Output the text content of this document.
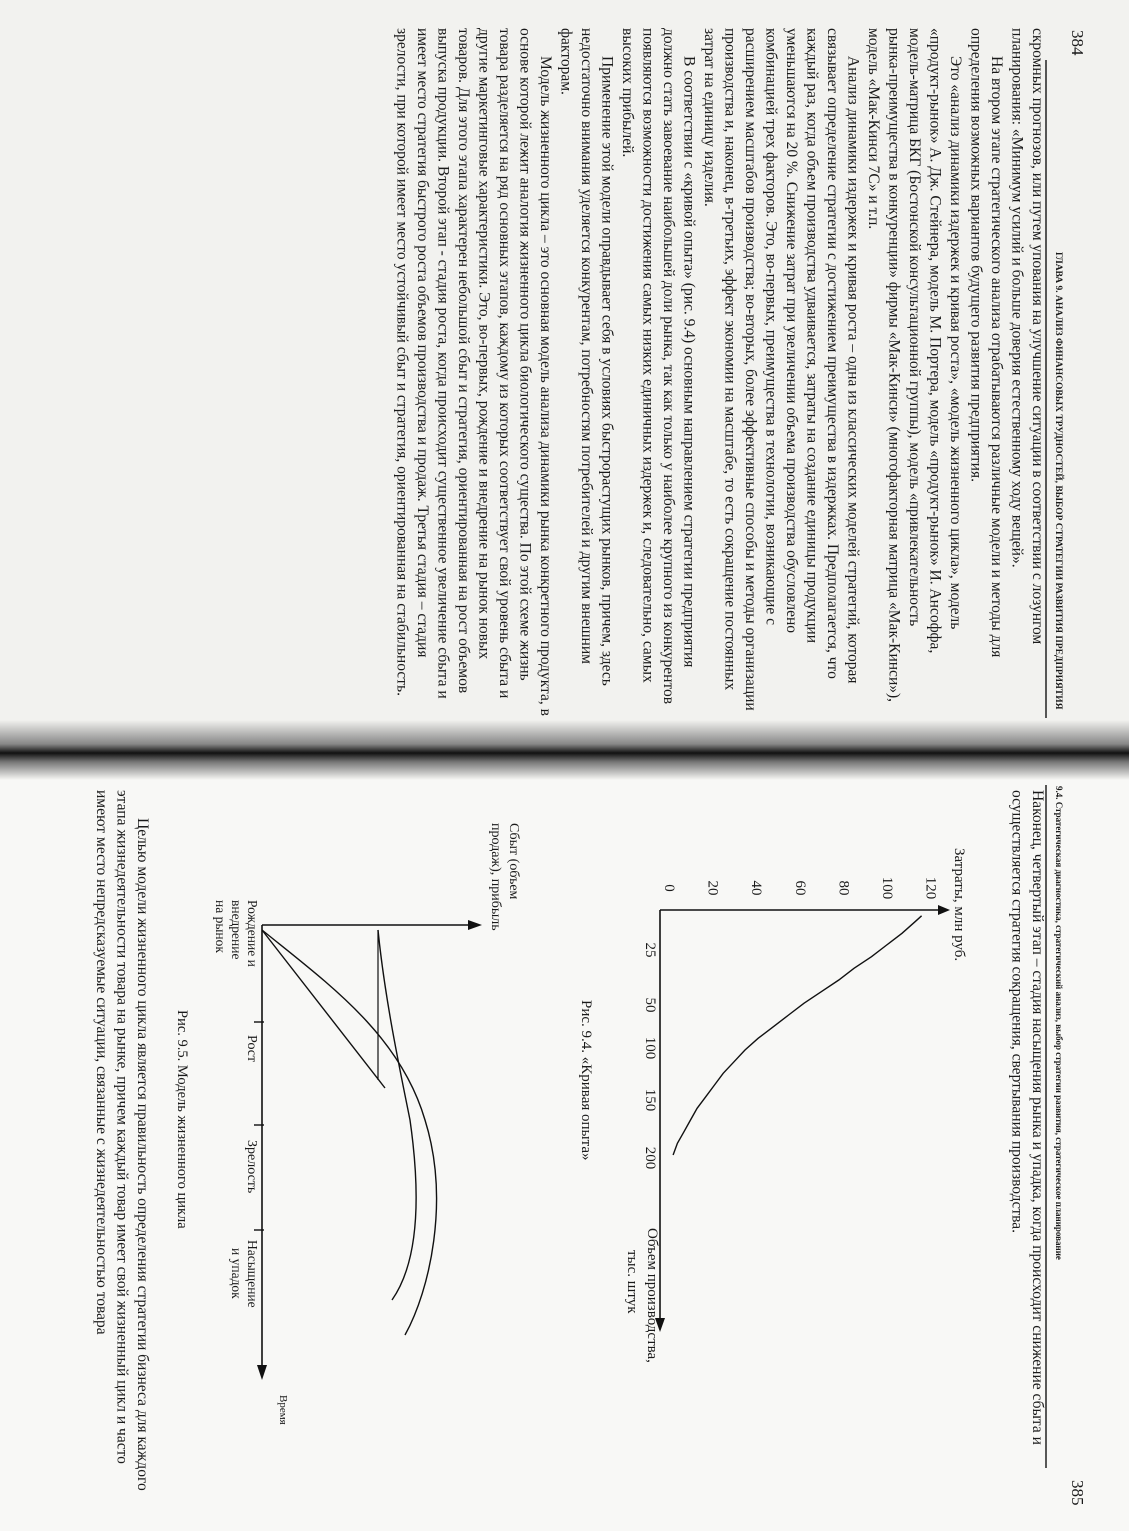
384
ГЛАВА 9. АНАЛИЗ ФИНАНСОВЫХ ТРУДНОСТЕЙ, ВЫБОР СТРАТЕГИИ РАЗВИТИЯ ПРЕДПРИЯТИЯ
скромных прогнозов, или путем упования на улучшение ситуации в соответствии с лозунгом
планирования: «Минимум усилий и больше доверия естественному ходу вещей».
На втором этапе стратегического анализа отрабатываются различные модели и методы для
определения возможных вариантов будущего развития предприятия.
Это «анализ динамики издержек и кривая роста», «модель жизненного цикла», модель
«продукт-рынок» А. Дж. Стейнера, модель М. Портера, модель «продукт-рынок» И. Ансоффа,
модель-матрица БКГ (Бостонской консультационной группы), модель «привлекательность
рынка-преимущества в конкуренции» фирмы «Мак-Кинси» (многофакторная матрица «Мак-Кинси»),
модель «Мак-Кинси 7С» и т.п.
Анализ динамики издержек и кривая роста – одна из классических моделей стратегий, которая
связывает определение стратегии с достижением преимущества в издержках. Предполагается, что
каждый раз, когда объем производства удваивается, затраты на создание единицы продукции
уменьшаются на 20 %. Снижение затрат при увеличении объема производства обусловлено
комбинацией трех факторов. Это, во-первых, преимущества в технологии, возникающие с
расширением масштабов производства; во-вторых, более эффективные способы и методы организации
производства и, наконец, в-третьих, эффект экономии на масштабе, то есть сокращение постоянных
затрат на единицу изделия.
В соответствии с «кривой опыта» (рис. 9.4) основным направлением стратегии предприятия
должно стать завоевание наибольшей доли рынка, так как только у наиболее крупного из конкурентов
появляются возможности достижения самых низких единичных издержек и, следовательно, самых
высоких прибылей.
Применение этой модели оправдывает себя в условиях быстрорастущих рынков, причем, здесь
недостаточно внимания уделяется конкурентам, потребностям потребителей и другим внешним
факторам.
Модель жизненного цикла – это основная модель анализа динамики рынка конкретного продукта, в
основе которой лежит аналогия жизненного цикла биологического существа. По этой схеме жизнь
товара разделяется на ряд основных этапов, каждому из которых соответствует свой уровень сбыта и
другие маркетинговые характеристики. Это, во-первых, рождение и внедрение на рынок новых
товаров. Для этого этапа характерен небольшой сбыт и стратегия, ориентированная на рост объемов
выпуска продукции. Второй этап - стадия роста, когда происходит существенное увеличение сбыта и
имеет место стратегия быстрого роста объемов производства и продаж. Третья стадия – стадия
зрелости, при которой имеет место устойчивый сбыт и стратегия, ориентированная на стабильность.
385
9.4. Стратегическая диагностика, стратегический анализ, выбор стратегии развития, стратегическое планирование
Наконец, четвертый этап – стадия насыщения рынка и упадка, когда происходит снижение сбыта и
осуществляется стратегия сокращения, свертывания производства.
0 20 40 60 80 100 120
25
50
100
150
200
Затраты, млн руб.
Объем производства,
тыс. штук
Рис. 9.4. «Кривая опыта»
Сбыт (объем
продаж), прибыль
Рождение и
внедрение
на рынок
Рост
Зрелость
Насыщение
и упадок
Время
Рис. 9.5. Модель жизненного цикла
Целью модели жизненного цикла является правильность определения стратегии бизнеса для каждого
этапа жизнедеятельности товара на рынке, причем каждый товар имеет свой жизненный цикл и часто
имеют место непредсказуемые ситуации, связанные с жизнедеятельностью товара
